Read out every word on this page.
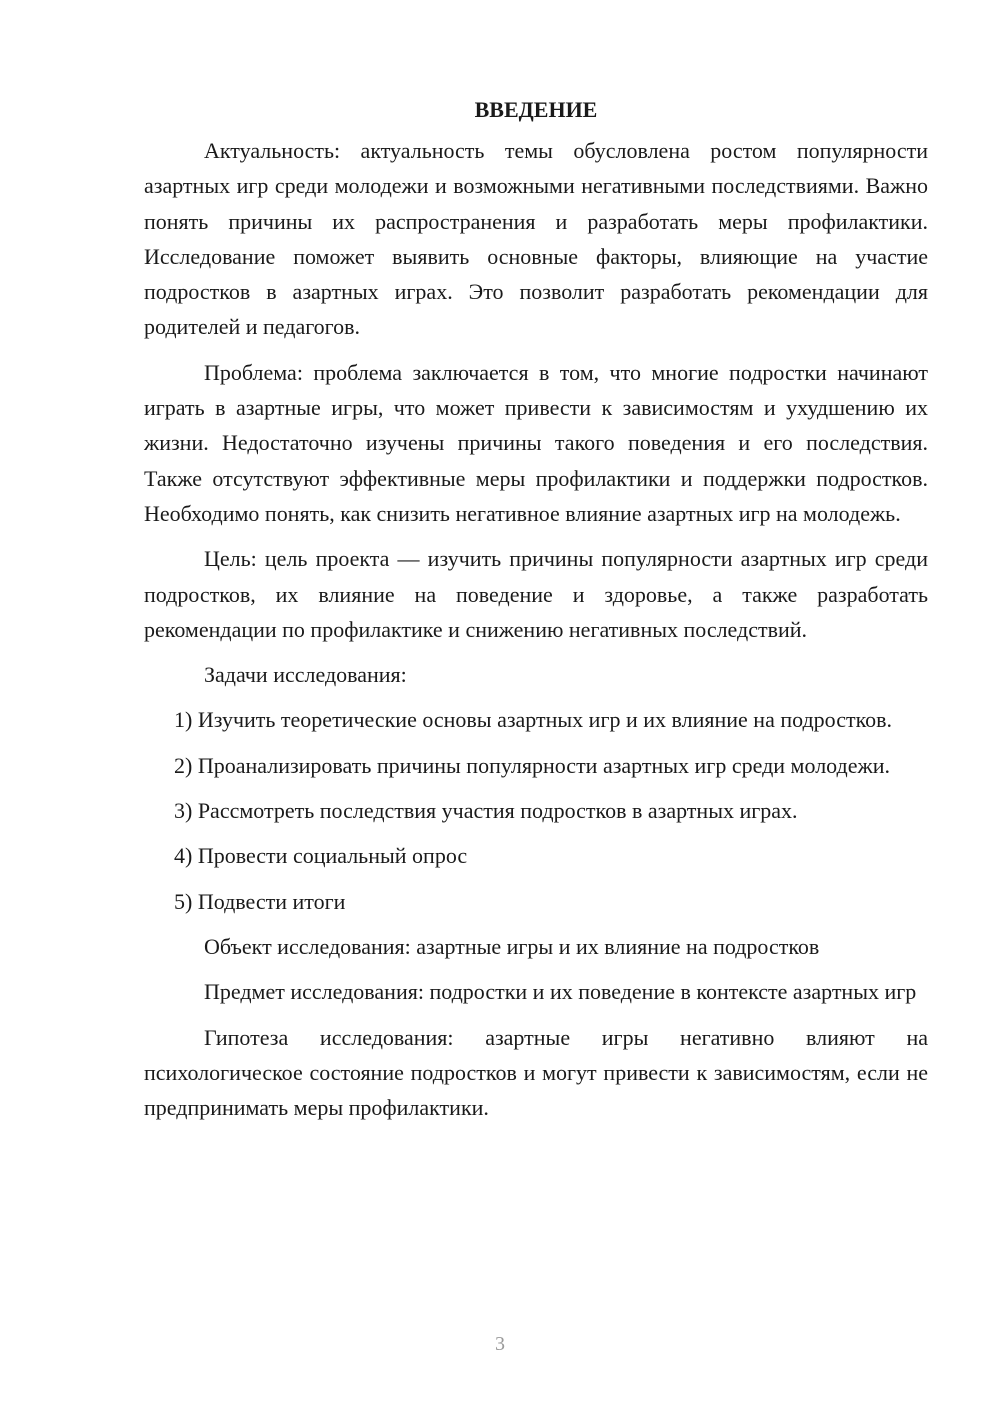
ВВЕДЕНИЕ

Актуальность: актуальность темы обусловлена ростом популярности азартных игр среди молодежи и возможными негативными последствиями. Важно понять причины их распространения и разработать меры профилактики. Исследование поможет выявить основные факторы, влияющие на участие подростков в азартных играх. Это позволит разработать рекомендации для родителей и педагогов.

Проблема: проблема заключается в том, что многие подростки начинают играть в азартные игры, что может привести к зависимостям и ухудшению их жизни. Недостаточно изучены причины такого поведения и его последствия. Также отсутствуют эффективные меры профилактики и поддержки подростков. Необходимо понять, как снизить негативное влияние азартных игр на молодежь.

Цель: цель проекта — изучить причины популярности азартных игр среди подростков, их влияние на поведение и здоровье, а также разработать рекомендации по профилактике и снижению негативных последствий.

Задачи исследования:

1) Изучить теоретические основы азартных игр и их влияние на подростков.

2) Проанализировать причины популярности азартных игр среди молодежи.

3) Рассмотреть последствия участия подростков в азартных играх.

4) Провести социальный опрос

5) Подвести итоги

Объект исследования: азартные игры и их влияние на подростков

Предмет исследования: подростки и их поведение в контексте азартных игр

Гипотеза исследования: азартные игры негативно влияют на психологическое состояние подростков и могут привести к зависимостям, если не предпринимать меры профилактики.

3
